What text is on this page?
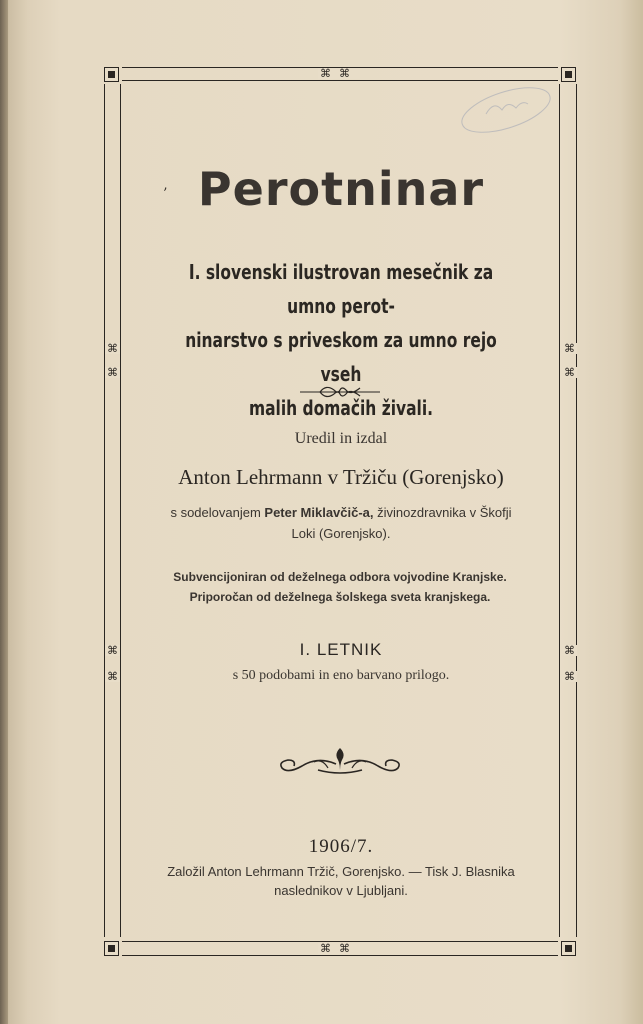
⌘⌘
⌘⌘
⌘
⌘
⌘
⌘
⌘
⌘
⌘
⌘
’ Perotninar
I. slovenski ilustrovan mesečnik za umno perot-
ninarstvo s priveskom za umno rejo vseh
malih domačih živali.
Uredil in izdal
Anton Lehrmann v Tržiču (Gorenjsko)
s sodelovanjem Peter Miklavčič-a, živinozdravnika v Škofji
Loki (Gorenjsko).
Subvencijoniran od deželnega odbora vojvodine Kranjske.
Priporočan od deželnega šolskega sveta kranjskega.
I. LETNIK
s 50 podobami in eno barvano prilogo.
1906/7.
Založil Anton Lehrmann Tržič, Gorenjsko. — Tisk J. Blasnika
naslednikov v Ljubljani.
